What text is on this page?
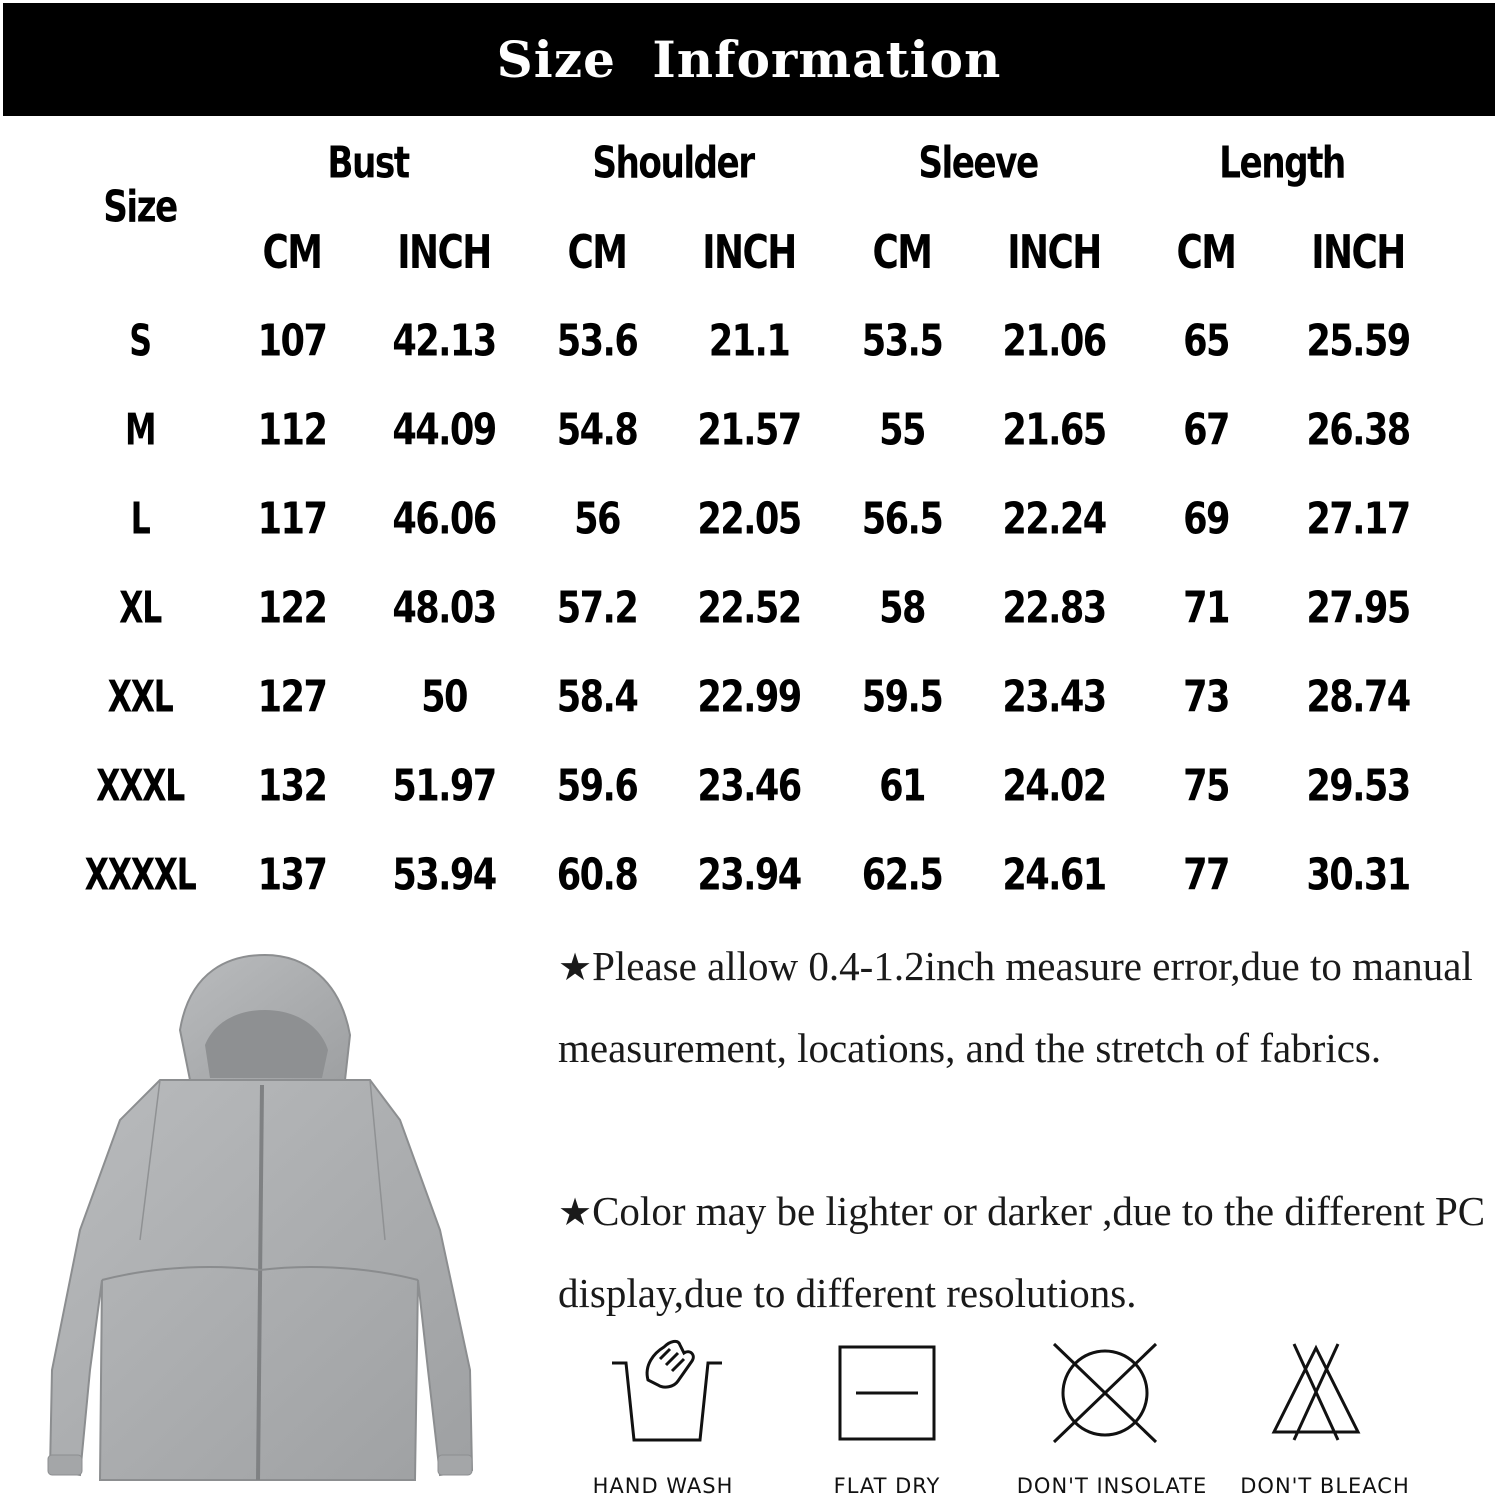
Size Information
Size
Bust	Shoulder	Sleeve	Length
CM INCH CM INCH CM INCH CM INCH
S 107 42.13 53.6 21.1 53.5 21.06 65 25.59
M 112 44.09 54.8 21.57 55 21.65 67 26.38
L 117 46.06 56 22.05 56.5 22.24 69 27.17
XL 122 48.03 57.2 22.52 58 22.83 71 27.95
XXL 127 50 58.4 22.99 59.5 23.43 73 28.74
XXXL 132 51.97 59.6 23.46 61 24.02 75 29.53
XXXXL 137 53.94 60.8 23.94 62.5 24.61 77 30.31
★Please allow 0.4-1.2inch measure error,due to manual measurement, locations, and the stretch of fabrics.
★Color may be lighter or darker ,due to the different PC display,due to different resolutions.
HAND WASH	FLAT DRY	DON'T INSOLATE DON'T BLEACH
